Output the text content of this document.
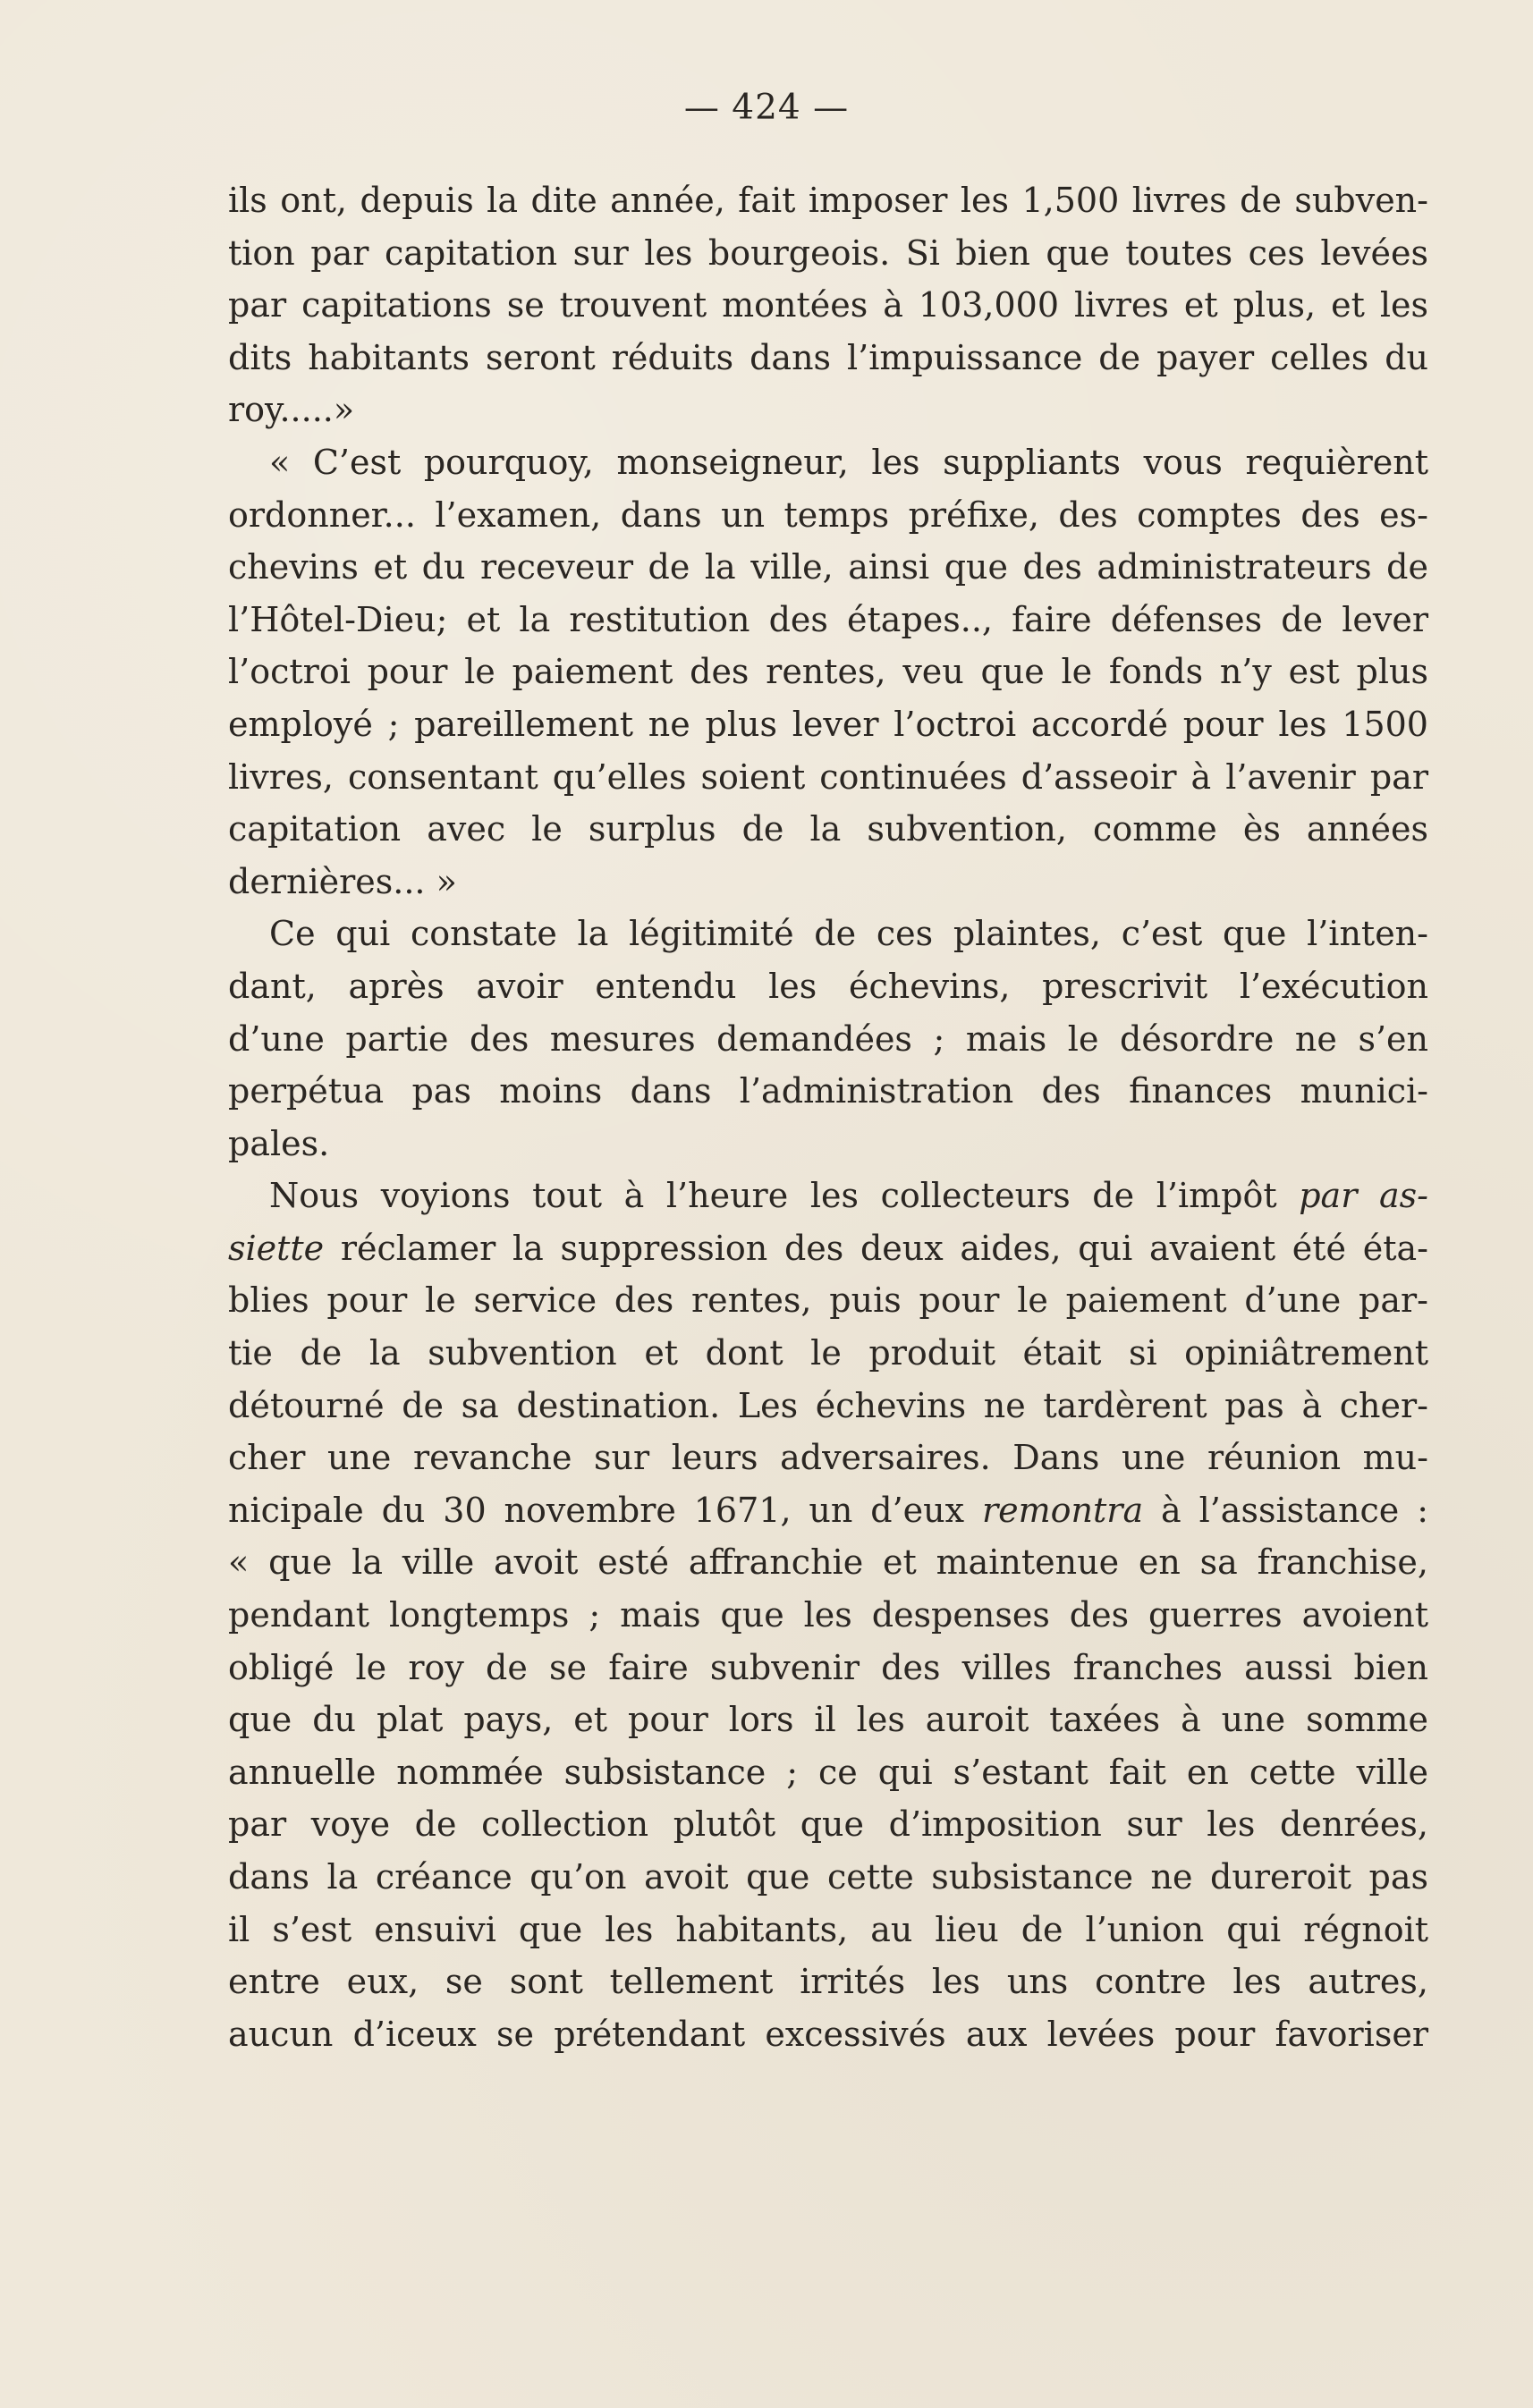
— 424 —
ils ont, depuis la dite année, fait imposer les 1,500 livres de subven-
tion par capitation sur les bourgeois. Si bien que toutes ces levées
par capitations se trouvent montées à 103,000 livres et plus, et les
dits habitants seront réduits dans l’impuissance de payer celles du
roy.....»
« C’est pourquoy, monseigneur, les suppliants vous requièrent
ordonner... l’examen, dans un temps préfixe, des comptes des es-
chevins et du receveur de la ville, ainsi que des administrateurs de
l’Hôtel-Dieu; et la restitution des étapes.., faire défenses de lever
l’octroi pour le paiement des rentes, veu que le fonds n’y est plus
employé ; pareillement ne plus lever l’octroi accordé pour les 1500
livres, consentant qu’elles soient continuées d’asseoir à l’avenir par
capitation avec le surplus de la subvention, comme ès années
dernières... »
Ce qui constate la légitimité de ces plaintes, c’est que l’inten-
dant, après avoir entendu les échevins, prescrivit l’exécution
d’une partie des mesures demandées ; mais le désordre ne s’en
perpétua pas moins dans l’administration des finances munici-
pales.
Nous voyions tout à l’heure les collecteurs de l’impôt par as-
siette réclamer la suppression des deux aides, qui avaient été éta-
blies pour le service des rentes, puis pour le paiement d’une par-
tie de la subvention et dont le produit était si opiniâtrement
détourné de sa destination. Les échevins ne tardèrent pas à cher-
cher une revanche sur leurs adversaires. Dans une réunion mu-
nicipale du 30 novembre 1671, un d’eux remontra à l’assistance :
« que la ville avoit esté affranchie et maintenue en sa franchise,
pendant longtemps ; mais que les despenses des guerres avoient
obligé le roy de se faire subvenir des villes franches aussi bien
que du plat pays, et pour lors il les auroit taxées à une somme
annuelle nommée subsistance ; ce qui s’estant fait en cette ville
par voye de collection plutôt que d’imposition sur les denrées,
dans la créance qu’on avoit que cette subsistance ne dureroit pas
il s’est ensuivi que les habitants, au lieu de l’union qui régnoit
entre eux, se sont tellement irrités les uns contre les autres,
aucun d’iceux se prétendant excessivés aux levées pour favoriser
